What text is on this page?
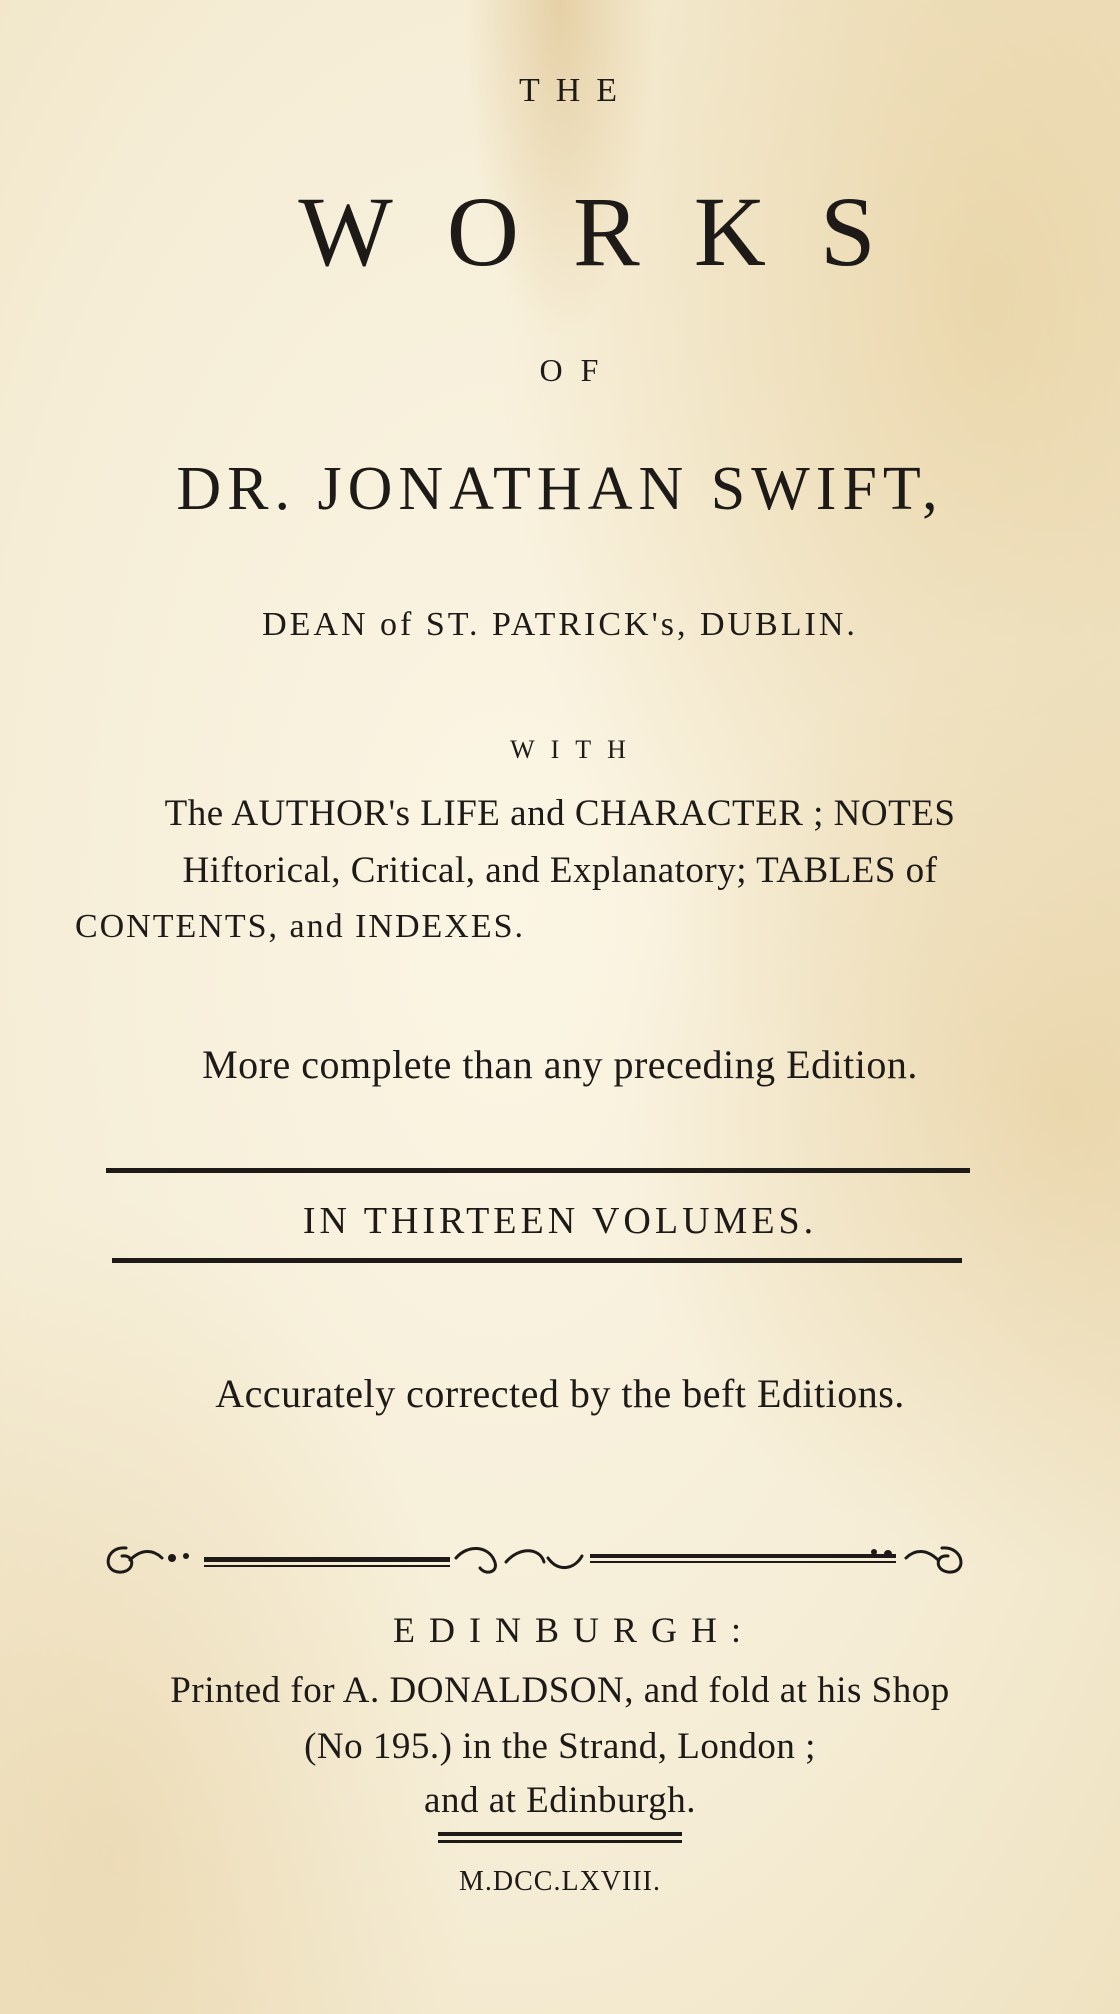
THE
WORKS
OF
DR. JONATHAN SWIFT,
DEAN of ST. PATRICK's, DUBLIN.
WITH
The AUTHOR's LIFE and CHARACTER ; NOTES
Hiftorical, Critical, and Explanatory; TABLES of
CONTENTS, and INDEXES.
More complete than any preceding Edition.
IN THIRTEEN VOLUMES.
Accurately corrected by the beft Editions.
EDINBURGH:
Printed for A. DONALDSON, and fold at his Shop
(No 195.) in the Strand, London ;
and at Edinburgh.
M.DCC.LXVIII.
